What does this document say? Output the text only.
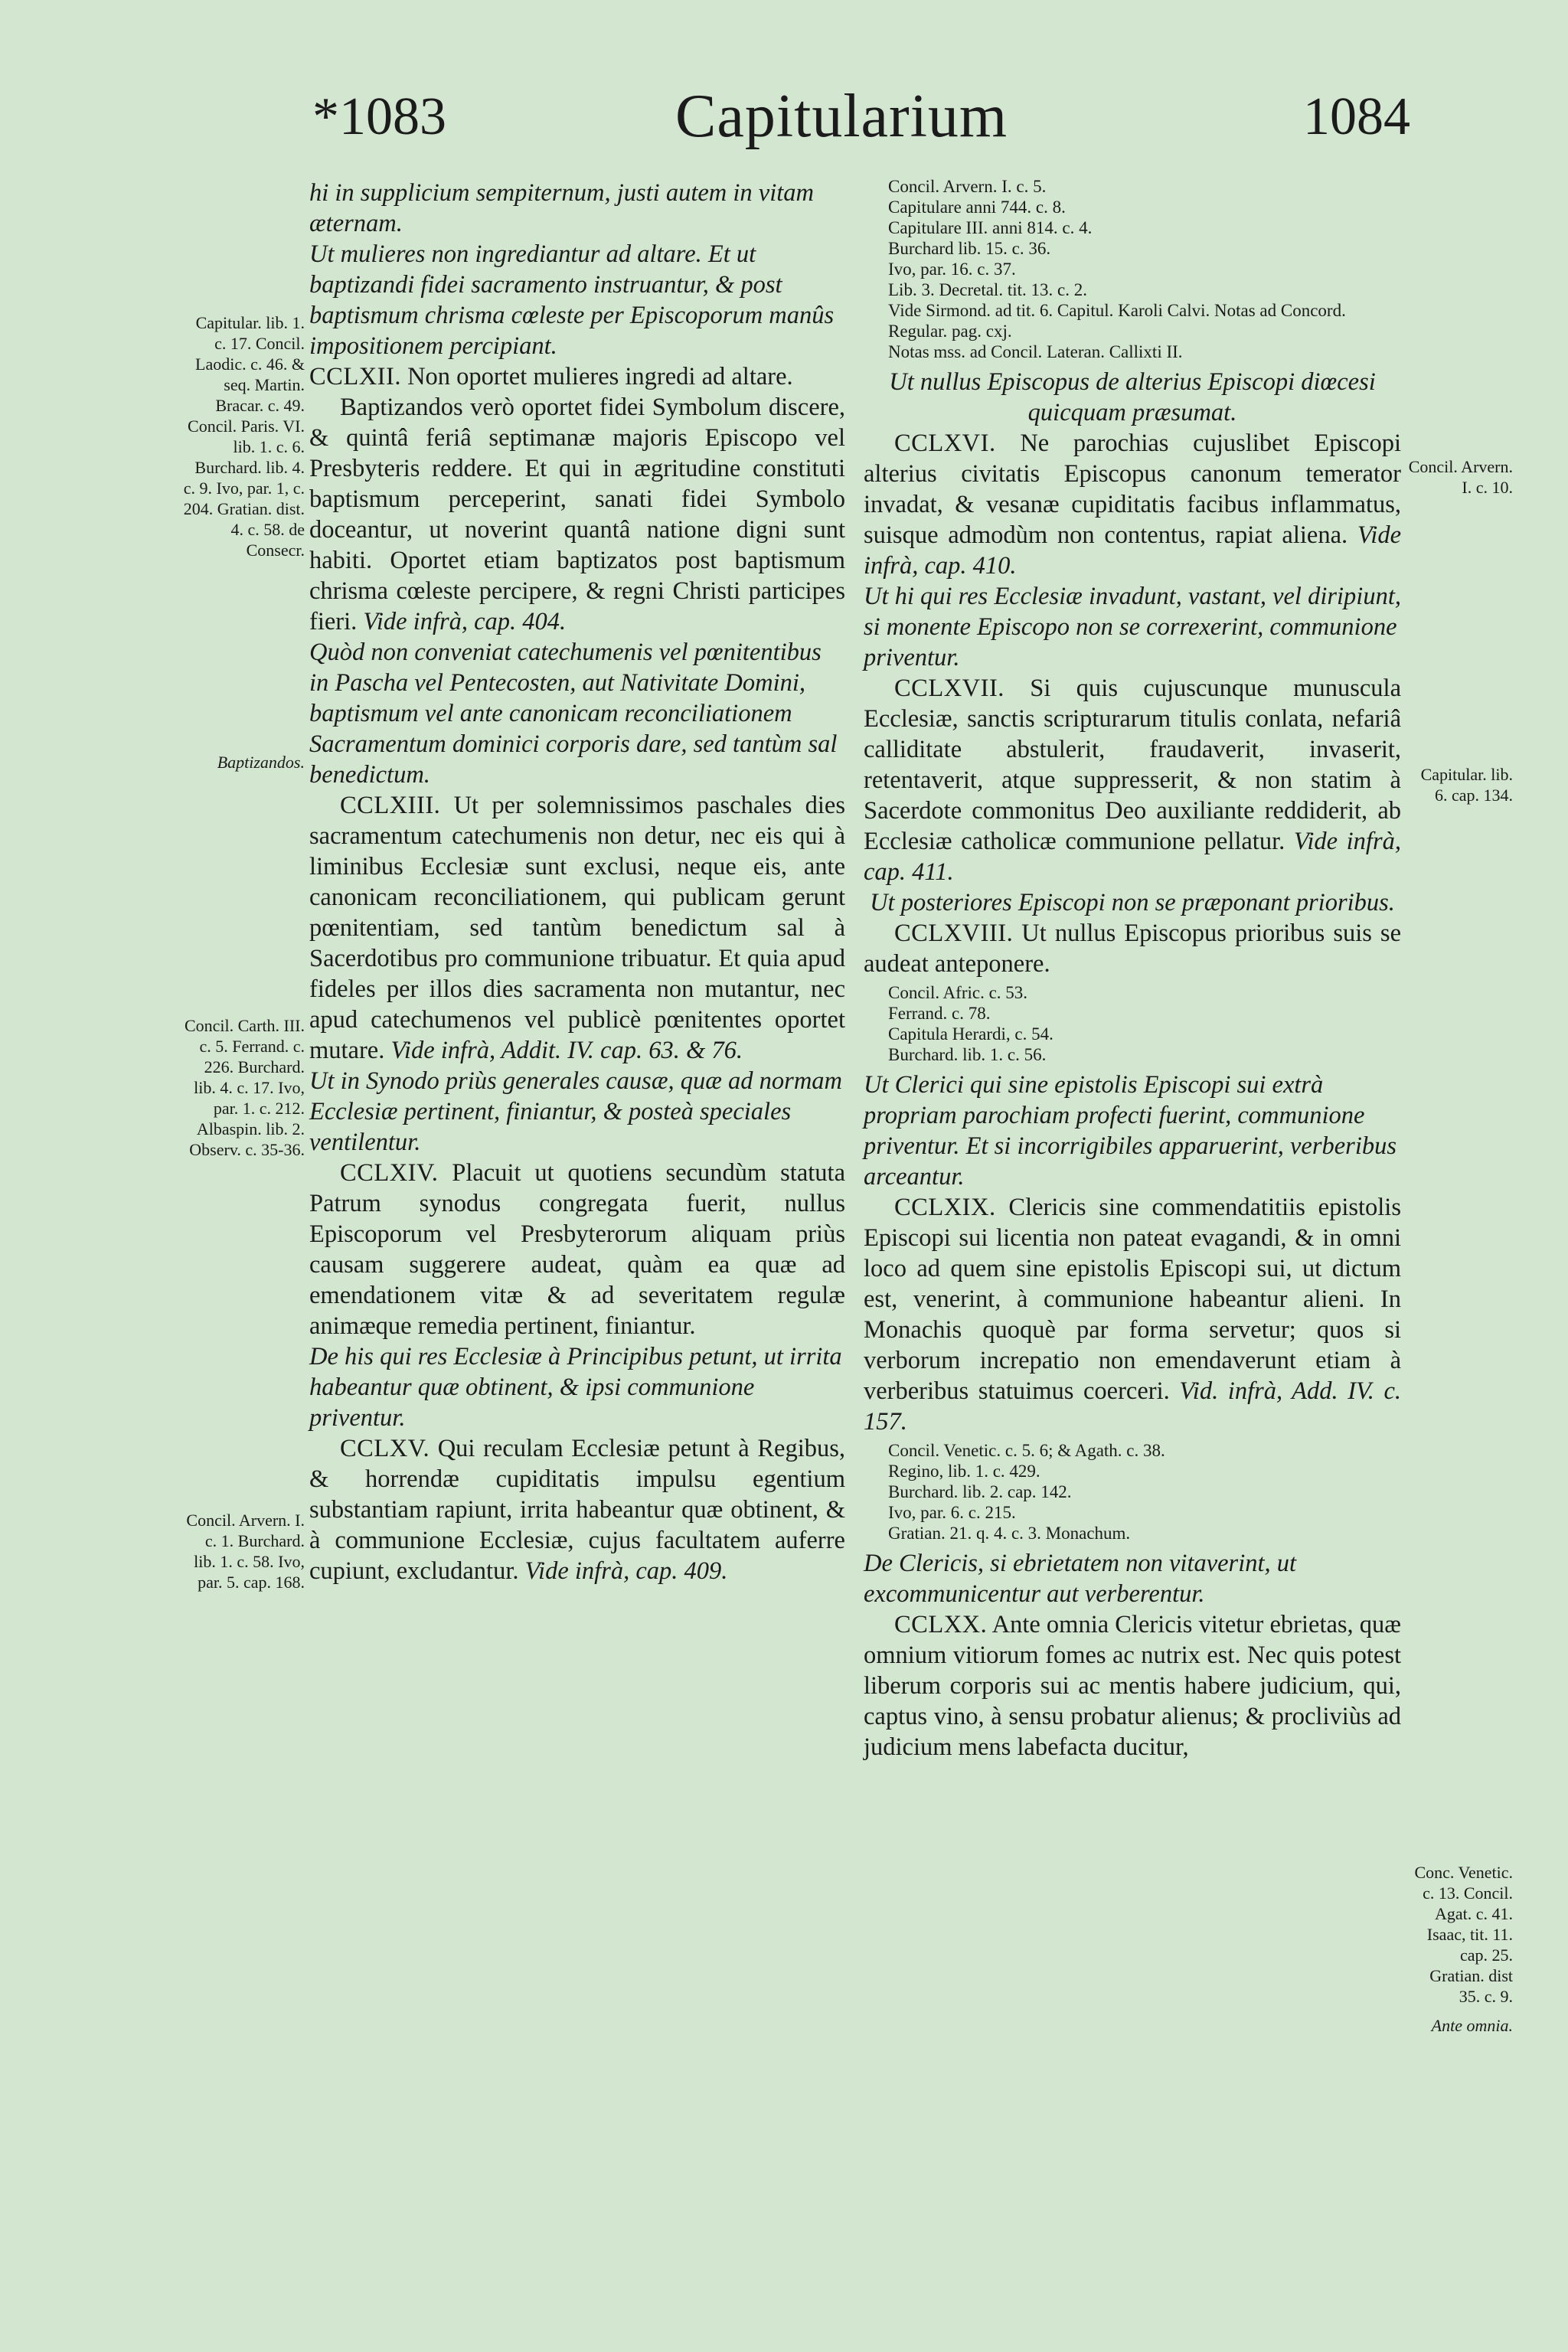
*1083	Capitularium	1084
Capitular. lib. 1. c. 17. Concil. Laodic. c. 46. & seq. Martin. Bracar. c. 49. Concil. Paris. VI. lib. 1. c. 6. Burchard. lib. 4. c. 9. Ivo, par. 1, c. 204. Gratian. dist. 4. c. 58. de Consecr.
Baptizandos.
Concil. Carth. III. c. 5. Ferrand. c. 226. Burchard. lib. 4. c. 17. Ivo, par. 1. c. 212. Albaspin. lib. 2. Observ. c. 35-36.
Concil. Arvern. I. c. 1. Burchard. lib. 1. c. 58. Ivo, par. 5. cap. 168.
Concil. Arvern. I. c. 10.
Capitular. lib. 6. cap. 134.
Conc. Venetic. c. 13. Concil. Agat. c. 41. Isaac, tit. 11. cap. 25. Gratian. dist 35. c. 9.
Ante omnia.

hi in supplicium sempiternum, justi autem in vitam æternam.

Ut mulieres non ingrediantur ad altare. Et ut baptizandi fidei sacramento instruantur, & post baptismum chrisma cœleste per Episcoporum manûs impositionem percipiant.

CCLXII. Non oportet mulieres ingredi ad altare.

Baptizandos verò oportet fidei Symbolum discere, & quintâ feriâ septimanæ majoris Episcopo vel Presbyteris reddere. Et qui in ægritudine constituti baptismum perceperint, sanati fidei Symbolo doceantur, ut noverint quantâ natione digni sunt habiti. Oportet etiam baptizatos post baptismum chrisma cœleste percipere, & regni Christi participes fieri. Vide infrà, cap. 404.

Quòd non conveniat catechumenis vel pœnitentibus in Pascha vel Pentecosten, aut Nativitate Domini, baptismum vel ante canonicam reconciliationem Sacramentum dominici corporis dare, sed tantùm sal benedictum.

CCLXIII. Ut per solemnissimos paschales dies sacramentum catechumenis non detur, nec eis qui à liminibus Ecclesiæ sunt exclusi, neque eis, ante canonicam reconciliationem, qui publicam gerunt pœnitentiam, sed tantùm benedictum sal à Sacerdotibus pro communione tribuatur. Et quia apud fideles per illos dies sacramenta non mutantur, nec apud catechumenos vel publicè pœnitentes oportet mutare. Vide infrà, Addit. IV. cap. 63. & 76.

Ut in Synodo priùs generales causæ, quæ ad normam Ecclesiæ pertinent, finiantur, & posteà speciales ventilentur.

CCLXIV. Placuit ut quotiens secundùm statuta Patrum synodus congregata fuerit, nullus Episcoporum vel Presbyterorum aliquam priùs causam suggerere audeat, quàm ea quæ ad emendationem vitæ & ad severitatem regulæ animæque remedia pertinent, finiantur.

De his qui res Ecclesiæ à Principibus petunt, ut irrita habeantur quæ obtinent, & ipsi communione priventur.

CCLXV. Qui reculam Ecclesiæ petunt à Regibus, & horrendæ cupiditatis impulsu egentium substantiam rapiunt, irrita habeantur quæ obtinent, & à communione Ecclesiæ, cujus facultatem auferre cupiunt, excludantur. Vide infrà, cap. 409.

Concil. Arvern. I. c. 5.
Capitulare anni 744. c. 8.
Capitulare III. anni 814. c. 4.
Burchard lib. 15. c. 36.
Ivo, par. 16. c. 37.
Lib. 3. Decretal. tit. 13. c. 2.
Vide Sirmond. ad tit. 6. Capitul. Karoli Calvi. Notas ad Concord. Regular. pag. cxj.
Notas mss. ad Concil. Lateran. Callixti II.

Ut nullus Episcopus de alterius Episcopi diœcesi quicquam præsumat.

CCLXVI. Ne parochias cujuslibet Episcopi alterius civitatis Episcopus canonum temerator invadat, & vesanæ cupiditatis facibus inflammatus, suisque admodùm non contentus, rapiat aliena. Vide infrà, cap. 410.

Ut hi qui res Ecclesiæ invadunt, vastant, vel diripiunt, si monente Episcopo non se correxerint, communione priventur.

CCLXVII. Si quis cujuscunque munuscula Ecclesiæ, sanctis scripturarum titulis conlata, nefariâ calliditate abstulerit, fraudaverit, invaserit, retentaverit, atque suppresserit, & non statim à Sacerdote commonitus Deo auxiliante reddiderit, ab Ecclesiæ catholicæ communione pellatur. Vide infrà, cap. 411.

Ut posteriores Episcopi non se præponant prioribus.

CCLXVIII. Ut nullus Episcopus prioribus suis se audeat anteponere.

Concil. Afric. c. 53.
Ferrand. c. 78.
Capitula Herardi, c. 54.
Burchard. lib. 1. c. 56.

Ut Clerici qui sine epistolis Episcopi sui extrà propriam parochiam profecti fuerint, communione priventur. Et si incorrigibiles apparuerint, verberibus arceantur.

CCLXIX. Clericis sine commendatitiis epistolis Episcopi sui licentia non pateat evagandi, & in omni loco ad quem sine epistolis Episcopi sui, ut dictum est, venerint, à communione habeantur alieni. In Monachis quoquè par forma servetur; quos si verborum increpatio non emendaverunt etiam à verberibus statuimus coerceri. Vid. infrà, Add. IV. c. 157.

Concil. Venetic. c. 5. 6; & Agath. c. 38.
Regino, lib. 1. c. 429.
Burchard. lib. 2. cap. 142.
Ivo, par. 6. c. 215.
Gratian. 21. q. 4. c. 3. Monachum.

De Clericis, si ebrietatem non vitaverint, ut excommunicentur aut verberentur.

CCLXX. Ante omnia Clericis vitetur ebrietas, quæ omnium vitiorum fomes ac nutrix est. Nec quis potest liberum corporis sui ac mentis habere judicium, qui, captus vino, à sensu probatur alienus; & procliviùs ad judicium mens labefacta ducitur,
